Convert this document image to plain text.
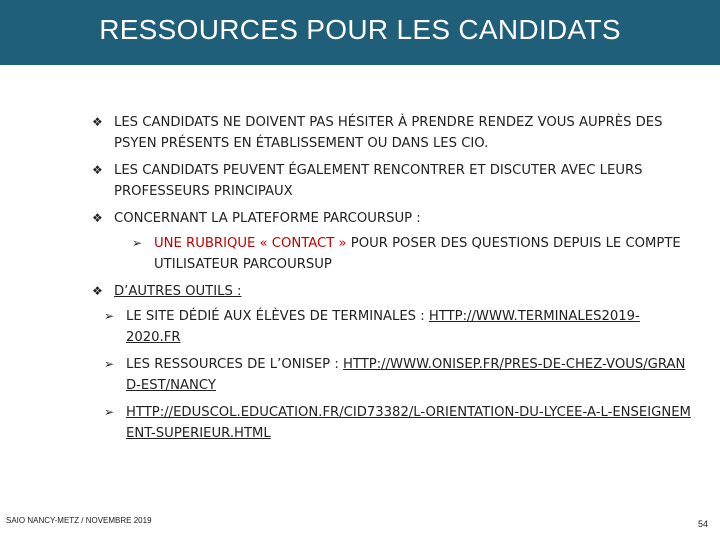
RESSOURCES POUR LES CANDIDATS
❖ LES CANDIDATS NE DOIVENT PAS HÉSITER À PRENDRE RENDEZ VOUS AUPRÈS DES PSYEN PRÉSENTS EN ÉTABLISSEMENT OU DANS LES CIO.
❖ LES CANDIDATS PEUVENT ÉGALEMENT RENCONTRER ET DISCUTER AVEC LEURS PROFESSEURS PRINCIPAUX
❖ CONCERNANT LA PLATEFORME PARCOURSUP :
➢ UNE RUBRIQUE « CONTACT » POUR POSER DES QUESTIONS DEPUIS LE COMPTE UTILISATEUR PARCOURSUP
❖ D’AUTRES OUTILS :
➢ LE SITE DÉDIÉ AUX ÉLÈVES DE TERMINALES : HTTP://WWW.TERMINALES2019-2020.FR
➢ LES RESSOURCES DE L’ONISEP : HTTP://WWW.ONISEP.FR/PRES-DE-CHEZ-VOUS/GRAND-EST/NANCY
➢ HTTP://EDUSCOL.EDUCATION.FR/CID73382/L-ORIENTATION-DU-LYCEE-A-L-ENSEIGNEMENT-SUPERIEUR.HTML
SAIO NANCY-METZ / NOVEMBRE 2019	54
